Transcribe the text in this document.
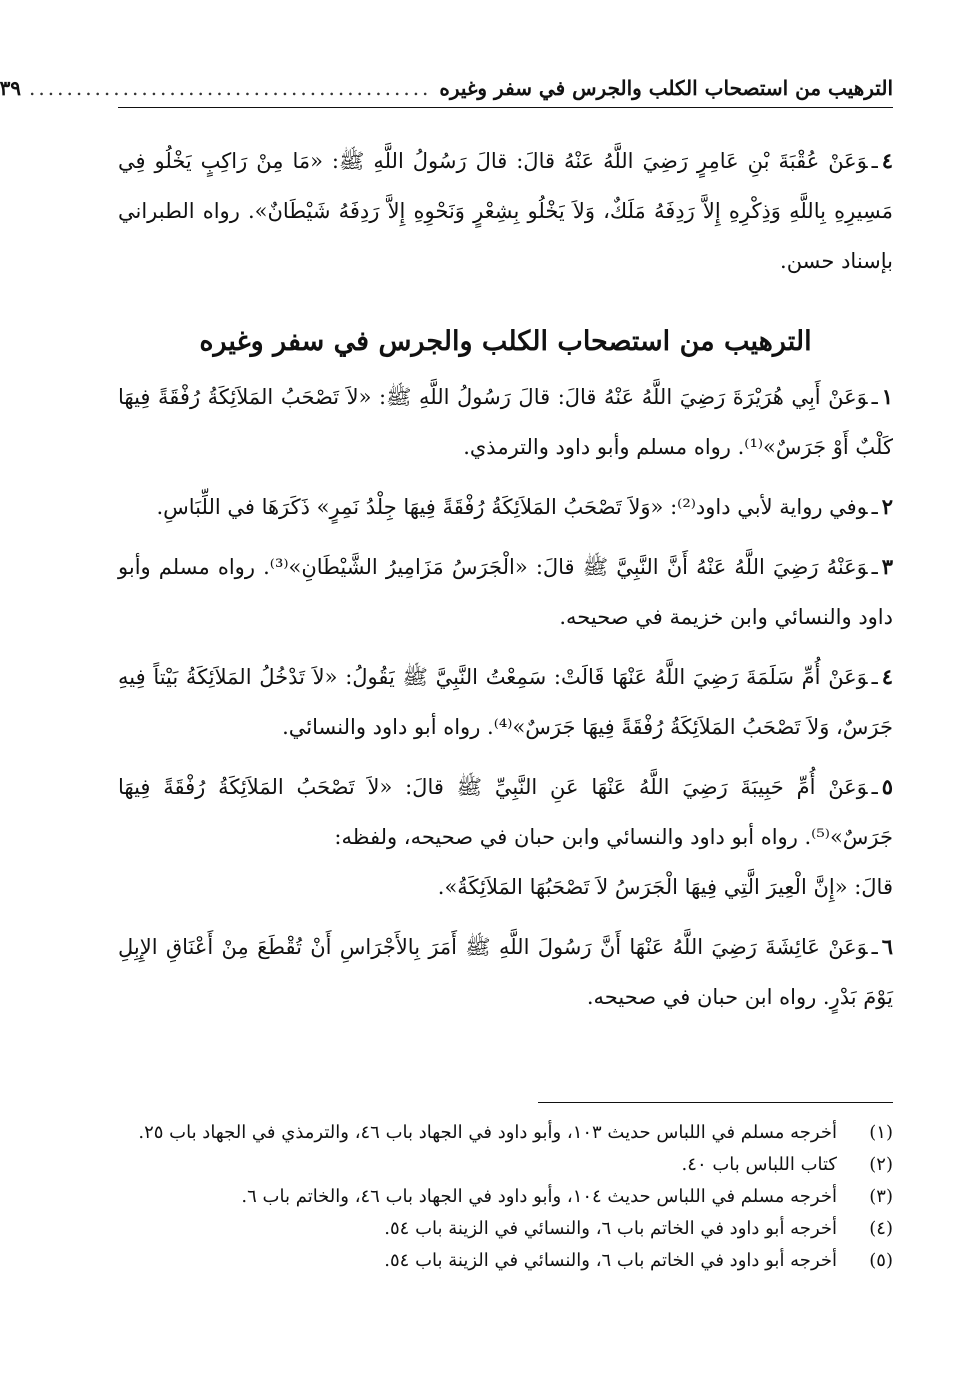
الترهيب من استصحاب الكلب والجرس في سفر وغيره
...........................................
٣٩

٤ـوَعَنْ عُقْبَةَ بْنِ عَامِرٍ رَضِيَ اللَّهُ عَنْهُ قالَ: قالَ رَسُولُ اللَّهِ ﷺ: «مَا مِنْ رَاكِبٍ يَخْلُو فِي مَسِيرِهِ بِاللَّهِ وَذِكْرِهِ إِلاَّ رَدِفَهُ مَلَكٌ، وَلاَ يَخْلُو بِشِعْرٍ وَنَحْوِهِ إِلاَّ رَدِفَهُ شَيْطَانٌ». رواه الطبراني بإسناد حسن.

الترهيب من استصحاب الكلب والجرس في سفر وغيره

١ـوَعَنْ أَبِي هُرَيْرَةَ رَضِيَ اللَّهُ عَنْهُ قالَ: قالَ رَسُولُ اللَّهِ ﷺ: «لاَ تَصْحَبُ المَلاَئِكَةُ رُفْقَةً فِيهَا كَلْبٌ أَوْ جَرَسٌ»⁽¹⁾. رواه مسلم وأبو داود والترمذي.

٢ـوفي رواية لأبي داود⁽²⁾: «وَلاَ تَصْحَبُ المَلاَئِكَةُ رُفْقَةً فِيهَا جِلْدُ نَمِرٍ» ذَكَرَهَا في اللِّبَاسِ.

٣ـوَعَنْهُ رَضِيَ اللَّهُ عَنْهُ أَنَّ النَّبِيَّ ﷺ قالَ: «الْجَرَسُ مَزَامِيرُ الشَّيْطَانِ»⁽³⁾. رواه مسلم وأبو داود والنسائي وابن خزيمة في صحيحه.

٤ـوَعَنْ أُمِّ سَلَمَةَ رَضِيَ اللَّهُ عَنْهَا قَالَتْ: سَمِعْتُ النَّبِيَّ ﷺ يَقُولُ: «لاَ تَدْخُلُ المَلاَئِكَةُ بَيْتاً فِيهِ جَرَسٌ، وَلاَ تَصْحَبُ المَلاَئِكَةُ رُفْقَةً فِيهَا جَرَسٌ»⁽⁴⁾. رواه أبو داود والنسائي.

٥ـوَعَنْ أُمِّ حَبِيبَةَ رَضِيَ اللَّهُ عَنْهَا عَنِ النَّبِيِّ ﷺ قالَ: «لاَ تَصْحَبُ المَلاَئِكَةُ رُفْقَةً فِيهَا جَرَسٌ»⁽⁵⁾. رواه أبو داود والنسائي وابن حبان في صحيحه، ولفظه:

قالَ: «إِنَّ الْعِيرَ الَّتِي فِيهَا الْجَرَسُ لاَ تَصْحَبُهَا المَلاَئِكَةُ».

٦ـوَعَنْ عَائِشَةَ رَضِيَ اللَّهُ عَنْهَا أَنَّ رَسُولَ اللَّهِ ﷺ أَمَرَ بِالأَجْرَاسِ أَنْ تُقْطَعَ مِنْ أَعْنَاقِ الإِبِلِ يَوْمَ بَدْرٍ. رواه ابن حبان في صحيحه.

(١)
أخرجه مسلم في اللباس حديث ١٠٣، وأبو داود في الجهاد باب ٤٦، والترمذي في الجهاد باب ٢٥.

(٢)
كتاب اللباس باب ٤٠.

(٣)
أخرجه مسلم في اللباس حديث ١٠٤، وأبو داود في الجهاد باب ٤٦، والخاتم باب ٦.

(٤)
أخرجه أبو داود في الخاتم باب ٦، والنسائي في الزينة باب ٥٤.

(٥)
أخرجه أبو داود في الخاتم باب ٦، والنسائي في الزينة باب ٥٤.
